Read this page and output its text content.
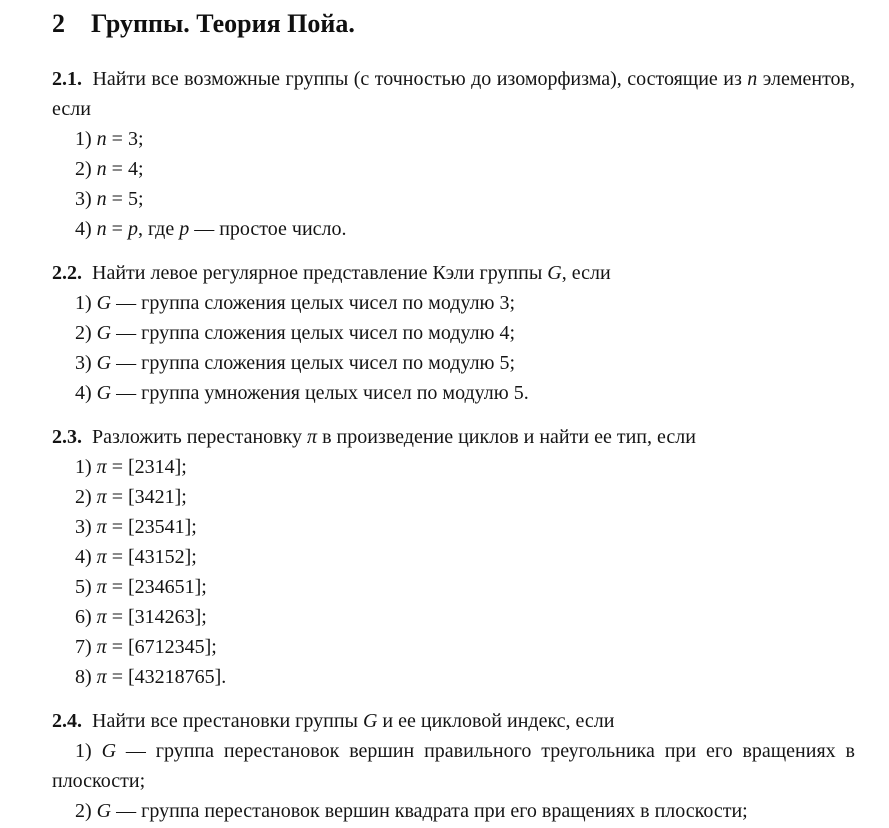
2 Группы. Теория Пойа.

2.1. Найти все возможные группы (с точностью до изоморфизма), состоящие из n элементов, если

1) n = 3;

2) n = 4;

3) n = 5;

4) n = p, где p — простое число.

2.2. Найти левое регулярное представление Кэли группы G, если

1) G — группа сложения целых чисел по модулю 3;

2) G — группа сложения целых чисел по модулю 4;

3) G — группа сложения целых чисел по модулю 5;

4) G — группа умножения целых чисел по модулю 5.

2.3. Разложить перестановку π в произведение циклов и найти ее тип, если

1) π = [2314];

2) π = [3421];

3) π = [23541];

4) π = [43152];

5) π = [234651];

6) π = [314263];

7) π = [6712345];

8) π = [43218765].

2.4. Найти все престановки группы G и ее цикловой индекс, если

1) G — группа перестановок вершин правильного треугольника при его вращениях в плоскости;

2) G — группа перестановок вершин квадрата при его вращениях в плоскости;
